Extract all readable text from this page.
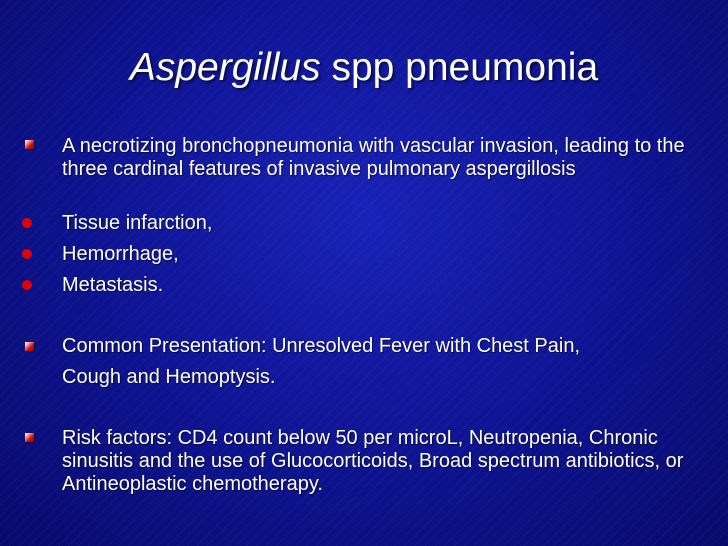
Aspergillus spp pneumonia
A necrotizing bronchopneumonia with vascular invasion, leading to the three cardinal features of invasive pulmonary aspergillosis
Tissue infarction,
Hemorrhage,
Metastasis.
Common Presentation: Unresolved Fever with Chest Pain,
Cough and Hemoptysis.
Risk factors: CD4 count below 50 per microL, Neutropenia, Chronic sinusitis and the use of Glucocorticoids, Broad spectrum antibiotics, or Antineoplastic chemotherapy.
